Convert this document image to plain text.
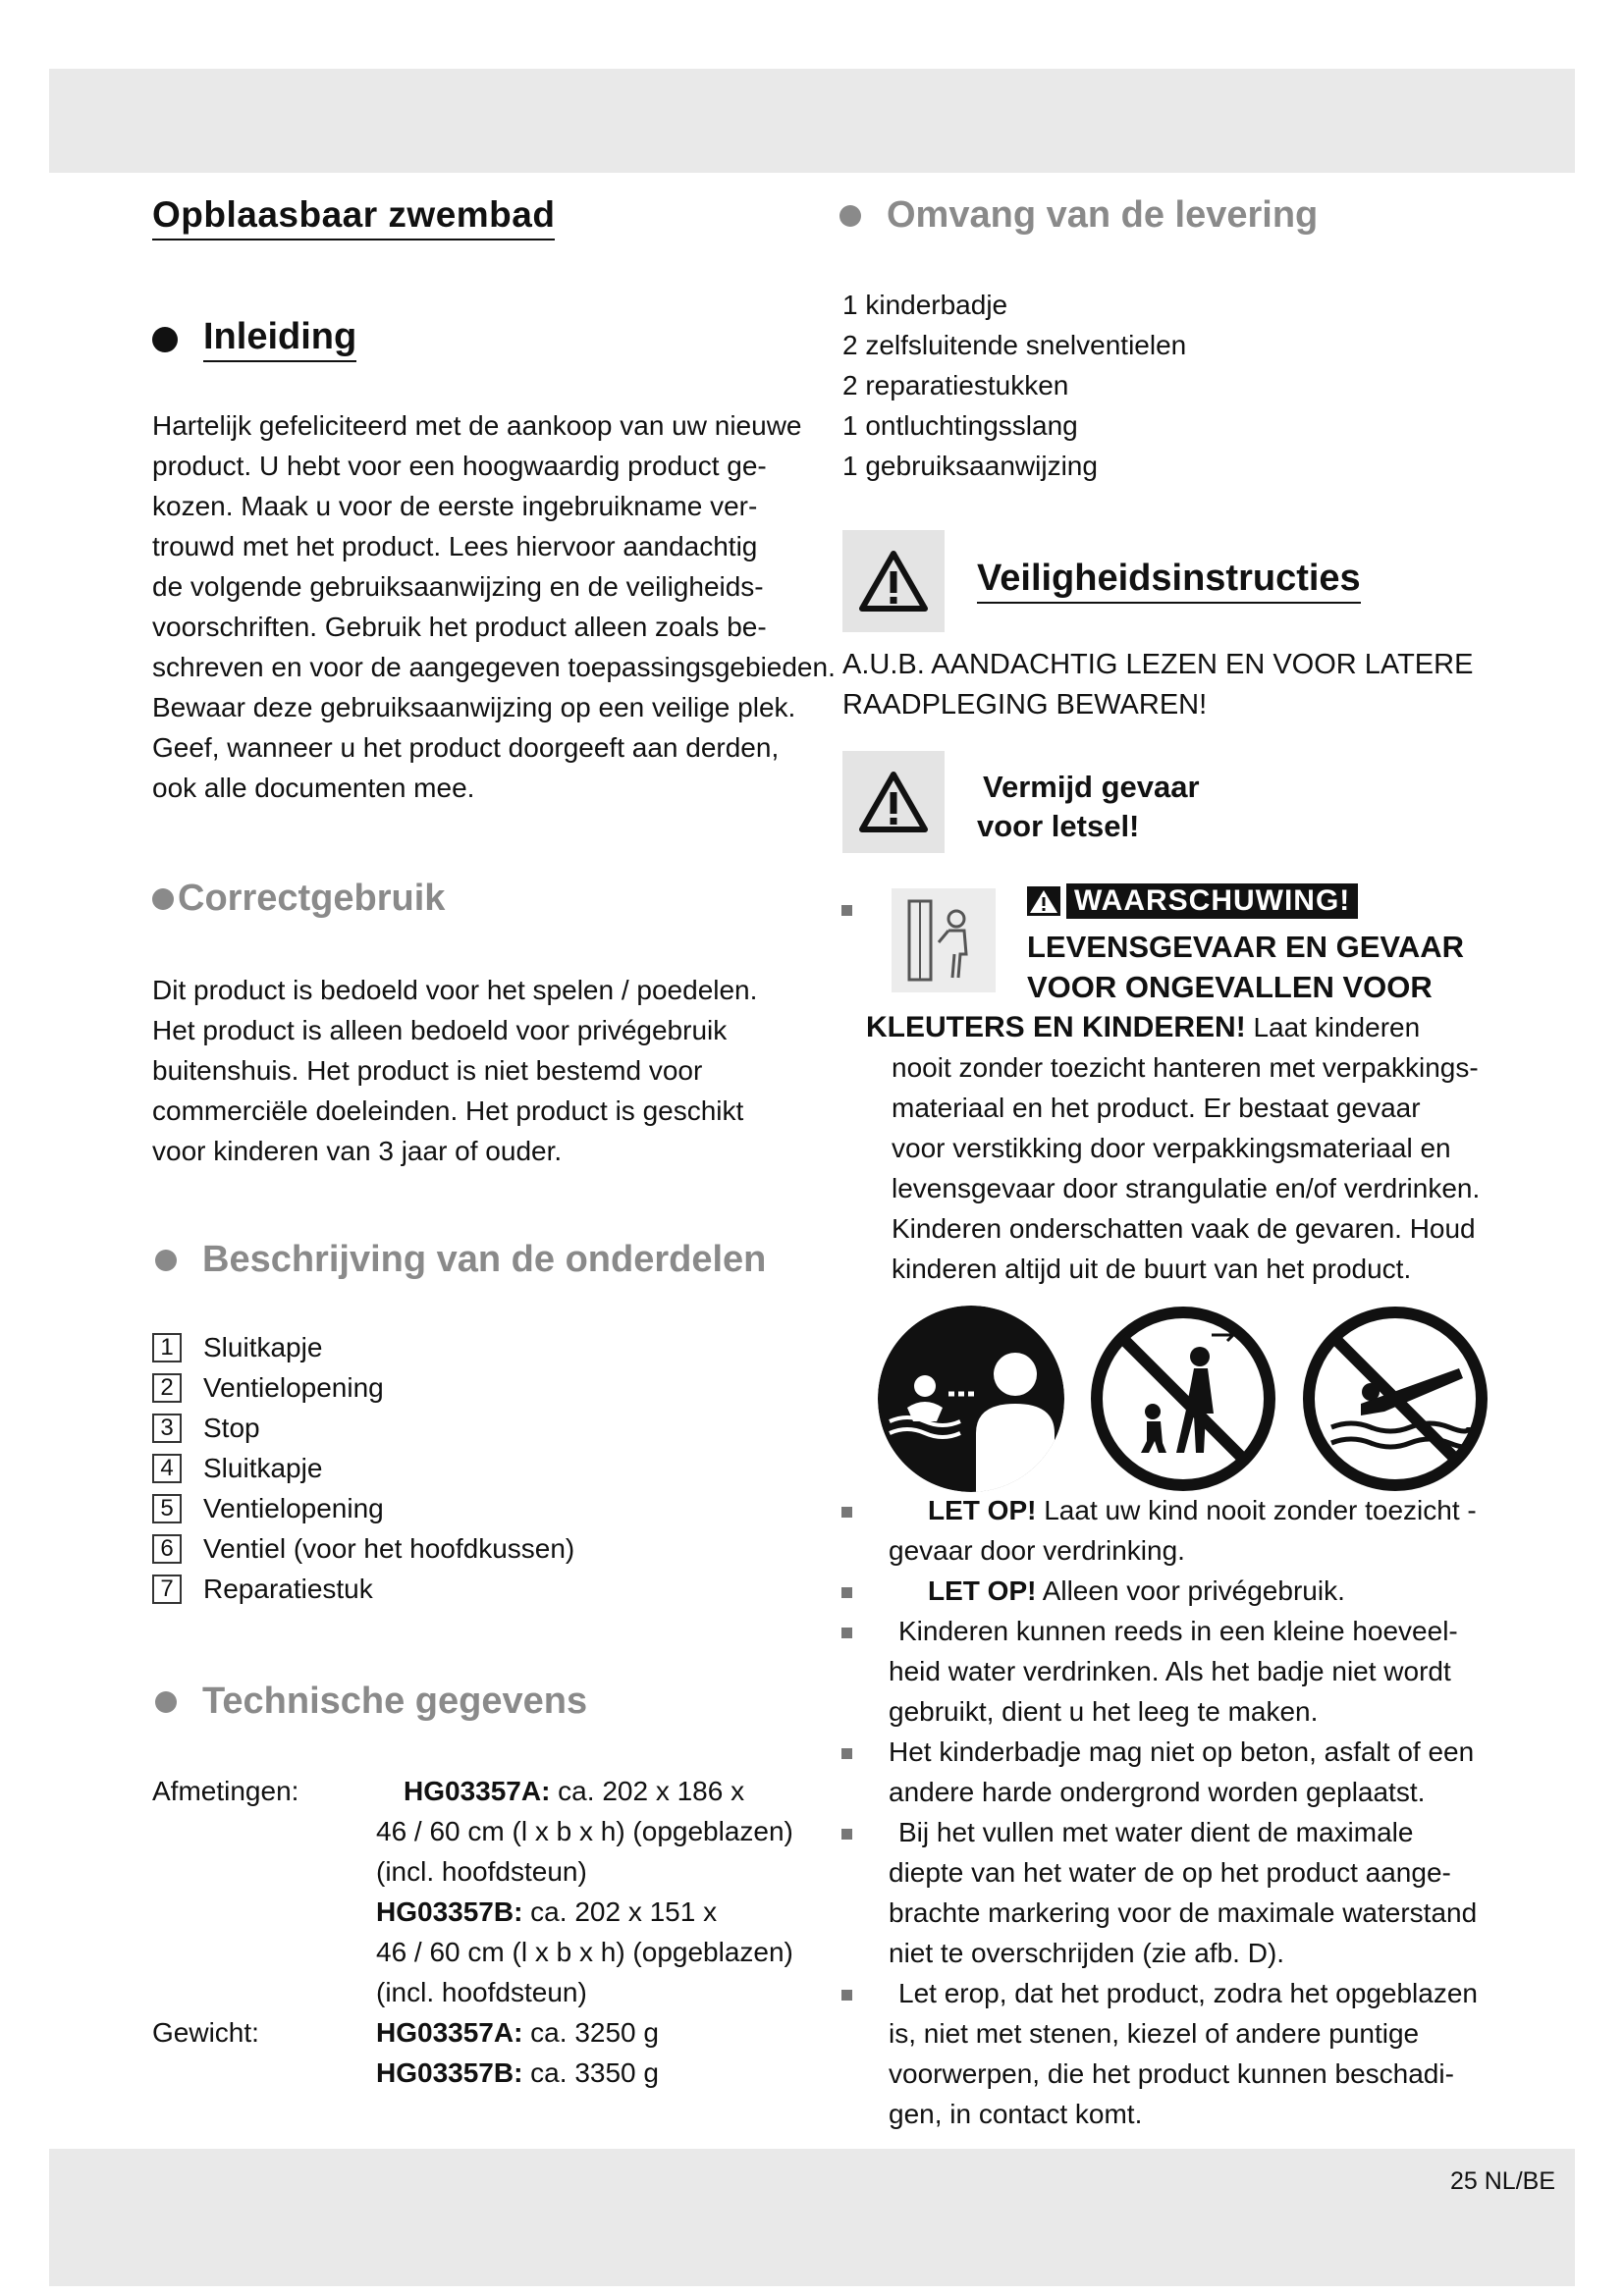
25 NL/BE
Opblaasbaar zwembad
Inleiding

Hartelijk gefeliciteerd met de aankoop van uw nieuwe

product. U hebt voor een hoogwaardig product ge-

kozen. Maak u voor de eerste ingebruikname ver-

trouwd met het product. Lees hiervoor aandachtig

de volgende gebruiksaanwijzing en de veiligheids-

voorschriften. Gebruik het product alleen zoals be-

schreven en voor de aangegeven toepassingsgebieden.

Bewaar deze gebruiksaanwijzing op een veilige plek.

Geef, wanneer u het product doorgeeft aan derden,

ook alle documenten mee.

Correctgebruik

Dit product is bedoeld voor het spelen / poedelen.

Het product is alleen bedoeld voor privégebruik

buitenshuis. Het product is niet bestemd voor

commerciële doeleinden. Het product is geschikt

voor kinderen van 3 jaar of ouder.

Beschrijving van de onderdelen
1 Sluitkapje
2 Ventielopening
3 Stop
4 Sluitkapje
5 Ventielopening
6 Ventiel (voor het hoofdkussen)
7 Reparatiestuk
Technische gegevens
Afmetingen:	HG03357A: ca. 202 x 186 x
46 / 60 cm (l x b x h) (opgeblazen)
(incl. hoofdsteun)
HG03357B: ca. 202 x 151 x
46 / 60 cm (l x b x h) (opgeblazen)
(incl. hoofdsteun)
HG03357A: ca. 3250 g
HG03357B: ca. 3350 g
Gewicht:
Omvang van de levering
1 kinderbadje
2 zelfsluitende snelventielen
2 reparatiestukken
1 ontluchtingsslang
1 gebruiksaanwijzing
Veiligheidsinstructies
A.U.B. AANDACHTIG LEZEN EN VOOR LATERE
RAADPLEGING BEWAREN!
Vermijd gevaar
voor letsel!
WAARSCHUWING!
LEVENSGEVAAR EN GEVAAR
VOOR ONGEVALLEN VOOR

KLEUTERS EN KINDEREN! Laat kinderen

nooit zonder toezicht hanteren met verpakkings-

materiaal en het product. Er bestaat gevaar

voor verstikking door verpakkingsmateriaal en

levensgevaar door strangulatie en/of verdrinken.

Kinderen onderschatten vaak de gevaren. Houd

kinderen altijd uit de buurt van het product.

LET OP! Laat uw kind nooit zonder toezicht -

gevaar door verdrinking.

LET OP! Alleen voor privégebruik.

Kinderen kunnen reeds in een kleine hoeveel-

heid water verdrinken. Als het badje niet wordt

gebruikt, dient u het leeg te maken.

Het kinderbadje mag niet op beton, asfalt of een

andere harde ondergrond worden geplaatst.

Bij het vullen met water dient de maximale

diepte van het water de op het product aange-

brachte markering voor de maximale waterstand

niet te overschrijden (zie afb. D).

Let erop, dat het product, zodra het opgeblazen

is, niet met stenen, kiezel of andere puntige

voorwerpen, die het product kunnen beschadi-

gen, in contact komt.
